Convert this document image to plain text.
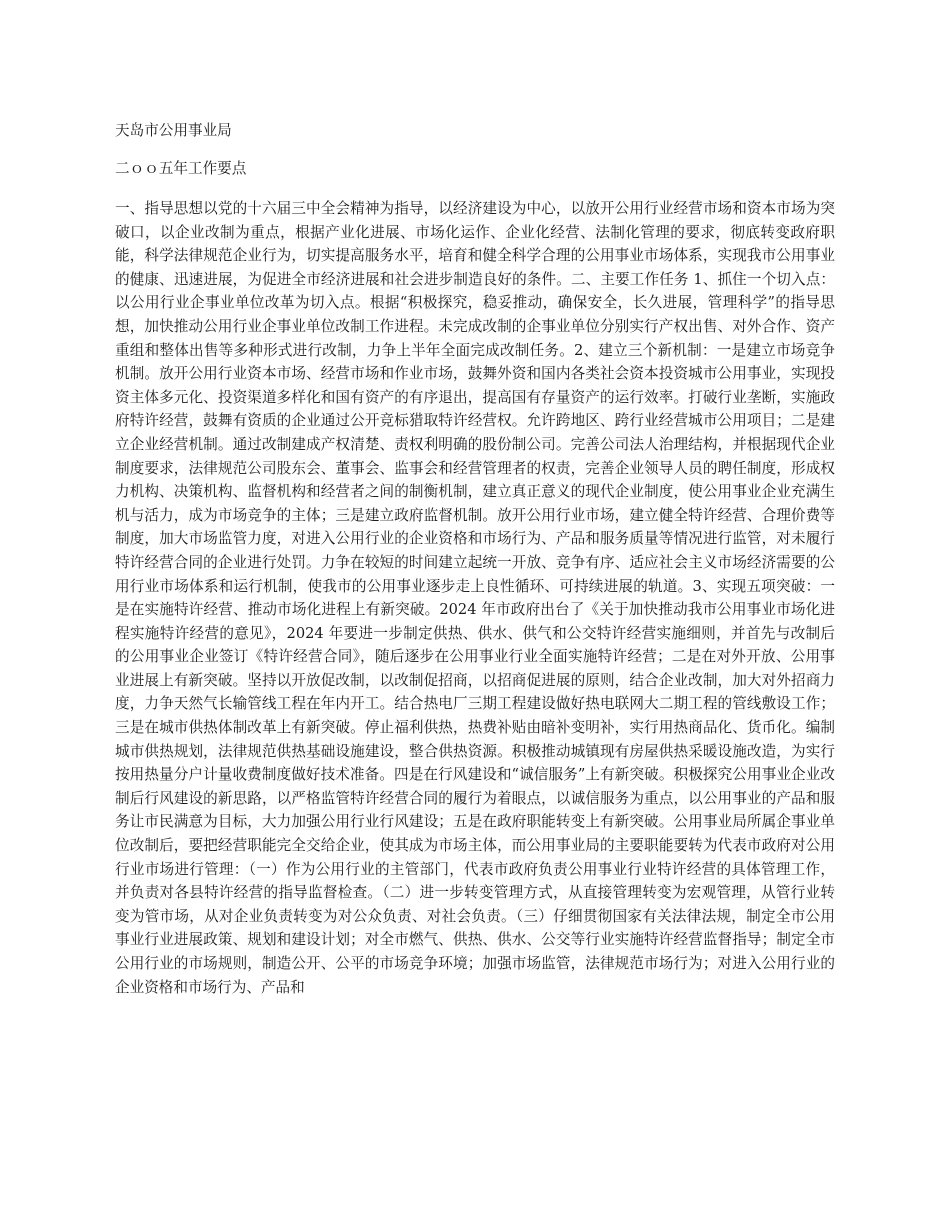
天岛市公用事业局
二ｏｏ五年工作要点

一、指导思想以党的十六届三中全会精神为指导，以经济建设为中心，以放开公用行业经营市场和资本市场为突破口，以企业改制为重点，根据产业化进展、市场化运作、企业化经营、法制化管理的要求，彻底转变政府职能，科学法律规范企业行为，切实提高服务水平，培育和健全科学合理的公用事业市场体系，实现我市公用事业的健康、迅速进展，为促进全市经济进展和社会进步制造良好的条件。二、主要工作任务 1、抓住一个切入点：以公用行业企事业单位改革为切入点。根据“积极探究，稳妥推动，确保安全，长久进展，管理科学”的指导思想，加快推动公用行业企事业单位改制工作进程。未完成改制的企事业单位分别实行产权出售、对外合作、资产重组和整体出售等多种形式进行改制，力争上半年全面完成改制任务。2、建立三个新机制：一是建立市场竞争机制。放开公用行业资本市场、经营市场和作业市场，鼓舞外资和国内各类社会资本投资城市公用事业，实现投资主体多元化、投资渠道多样化和国有资产的有序退出，提高国有存量资产的运行效率。打破行业垄断，实施政府特许经营，鼓舞有资质的企业通过公开竞标猎取特许经营权。允许跨地区、跨行业经营城市公用项目；二是建立企业经营机制。通过改制建成产权清楚、责权利明确的股份制公司。完善公司法人治理结构，并根据现代企业制度要求，法律规范公司股东会、董事会、监事会和经营管理者的权责，完善企业领导人员的聘任制度，形成权力机构、决策机构、监督机构和经营者之间的制衡机制，建立真正意义的现代企业制度，使公用事业企业充满生机与活力，成为市场竞争的主体；三是建立政府监督机制。放开公用行业市场，建立健全特许经营、合理价费等制度，加大市场监管力度，对进入公用行业的企业资格和市场行为、产品和服务质量等情况进行监管，对未履行特许经营合同的企业进行处罚。力争在较短的时间建立起统一开放、竞争有序、适应社会主义市场经济需要的公用行业市场体系和运行机制，使我市的公用事业逐步走上良性循环、可持续进展的轨道。3、实现五项突破：一是在实施特许经营、推动市场化进程上有新突破。2024 年市政府出台了《关于加快推动我市公用事业市场化进程实施特许经营的意见》，2024 年要进一步制定供热、供水、供气和公交特许经营实施细则，并首先与改制后的公用事业企业签订《特许经营合同》，随后逐步在公用事业行业全面实施特许经营；二是在对外开放、公用事业进展上有新突破。坚持以开放促改制，以改制促招商，以招商促进展的原则，结合企业改制，加大对外招商力度，力争天然气长输管线工程在年内开工。结合热电厂三期工程建设做好热电联网大二期工程的管线敷设工作；三是在城市供热体制改革上有新突破。停止福利供热，热费补贴由暗补变明补，实行用热商品化、货币化。编制城市供热规划，法律规范供热基础设施建设，整合供热资源。积极推动城镇现有房屋供热采暖设施改造，为实行按用热量分户计量收费制度做好技术准备。四是在行风建设和“诚信服务”上有新突破。积极探究公用事业企业改制后行风建设的新思路，以严格监管特许经营合同的履行为着眼点，以诚信服务为重点，以公用事业的产品和服务让市民满意为目标，大力加强公用行业行风建设；五是在政府职能转变上有新突破。公用事业局所属企事业单位改制后，要把经营职能完全交给企业，使其成为市场主体，而公用事业局的主要职能要转为代表市政府对公用行业市场进行管理：（一）作为公用行业的主管部门，代表市政府负责公用事业行业特许经营的具体管理工作，并负责对各县特许经营的指导监督检查。（二）进一步转变管理方式，从直接管理转变为宏观管理，从管行业转变为管市场，从对企业负责转变为对公众负责、对社会负责。（三）仔细贯彻国家有关法律法规，制定全市公用事业行业进展政策、规划和建设计划；对全市燃气、供热、供水、公交等行业实施特许经营监督指导；制定全市公用行业的市场规则，制造公开、公平的市场竞争环境；加强市场监管，法律规范市场行为；对进入公用行业的企业资格和市场行为、产品和
